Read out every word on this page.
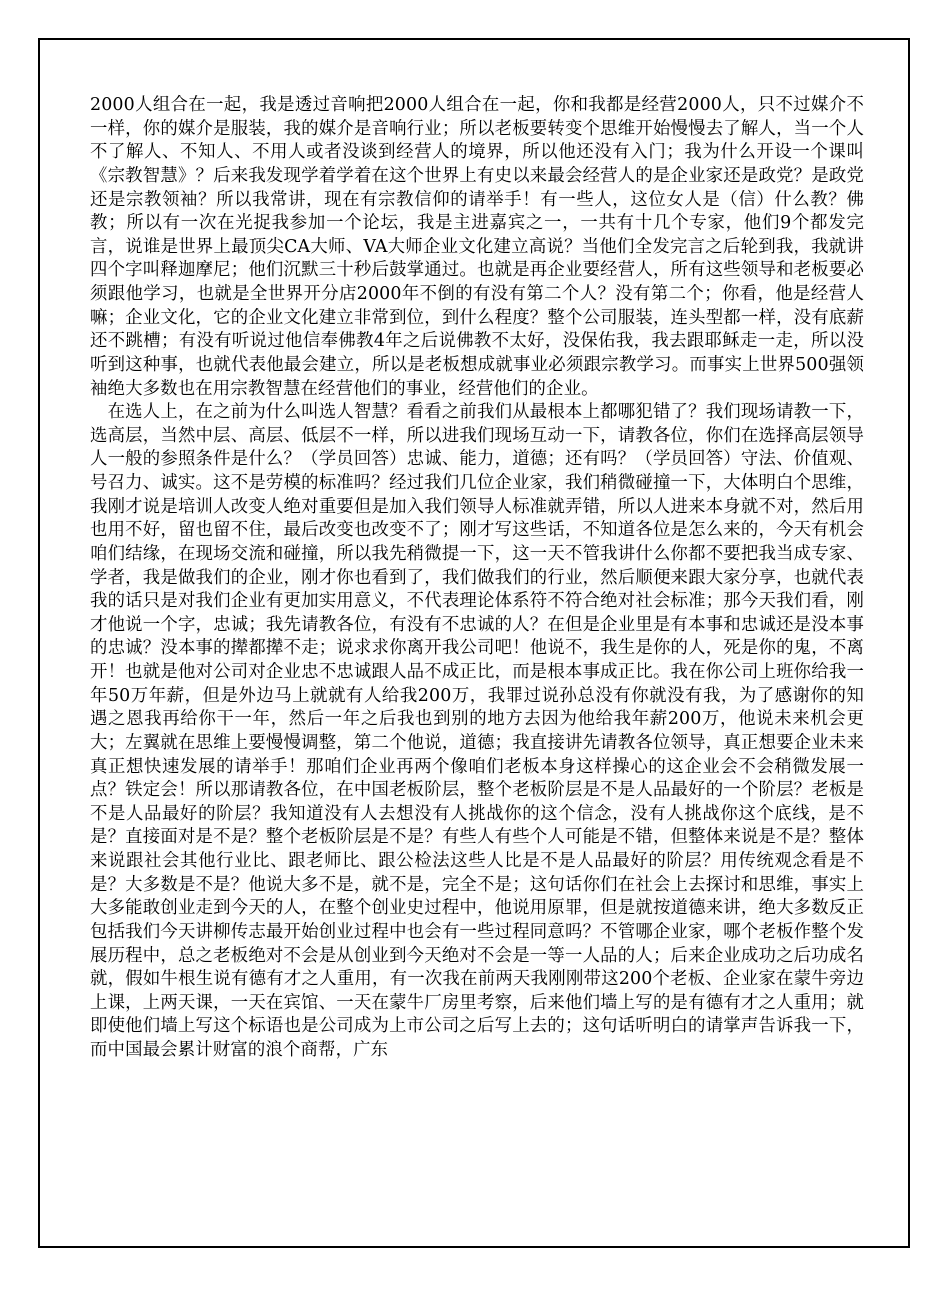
2000人组合在一起，我是透过音响把2000人组合在一起，你和我都是经营2000人，只不过媒介不一样，你的媒介是服装，我的媒介是音响行业；所以老板要转变个思维开始慢慢去了解人，当一个人不了解人、不知人、不用人或者没谈到经营人的境界，所以他还没有入门；我为什么开设一个课叫《宗教智慧》？后来我发现学着学着在这个世界上有史以来最会经营人的是企业家还是政党？是政党还是宗教领袖？所以我常讲，现在有宗教信仰的请举手！有一些人，这位女人是（信）什么教？佛教；所以有一次在光捉我参加一个论坛，我是主进嘉宾之一，一共有十几个专家，他们9个都发完言，说谁是世界上最顶尖CA大师、VA大师企业文化建立高说？当他们全发完言之后轮到我，我就讲四个字叫释迦摩尼；他们沉默三十秒后鼓掌通过。也就是再企业要经营人，所有这些领导和老板要必须跟他学习，也就是全世界开分店2000年不倒的有没有第二个人？没有第二个；你看，他是经营人嘛；企业文化，它的企业文化建立非常到位，到什么程度？整个公司服装，连头型都一样，没有底薪还不跳槽；有没有听说过他信奉佛教4年之后说佛教不太好，没保佑我，我去跟耶稣走一走，所以没听到这种事，也就代表他最会建立，所以是老板想成就事业必须跟宗教学习。而事实上世界500强领袖绝大多数也在用宗教智慧在经营他们的事业，经营他们的企业。

　在选人上，在之前为什么叫选人智慧？看看之前我们从最根本上都哪犯错了？我们现场请教一下，选高层，当然中层、高层、低层不一样，所以进我们现场互动一下，请教各位，你们在选择高层领导人一般的参照条件是什么？（学员回答）忠诚、能力，道德；还有吗？（学员回答）守法、价值观、号召力、诚实。这不是劳模的标准吗？经过我们几位企业家，我们稍微碰撞一下，大体明白个思维，我刚才说是培训人改变人绝对重要但是加入我们领导人标准就弄错，所以人进来本身就不对，然后用也用不好，留也留不住，最后改变也改变不了；刚才写这些话，不知道各位是怎么来的，今天有机会咱们结缘，在现场交流和碰撞，所以我先稍微提一下，这一天不管我讲什么你都不要把我当成专家、学者，我是做我们的企业，刚才你也看到了，我们做我们的行业，然后顺便来跟大家分享，也就代表我的话只是对我们企业有更加实用意义，不代表理论体系符不符合绝对社会标准；那今天我们看，刚才他说一个字，忠诚；我先请教各位，有没有不忠诚的人？在但是企业里是有本事和忠诚还是没本事的忠诚？没本事的撵都撵不走；说求求你离开我公司吧！他说不，我生是你的人，死是你的鬼，不离开！也就是他对公司对企业忠不忠诚跟人品不成正比，而是根本事成正比。我在你公司上班你给我一年50万年薪，但是外边马上就就有人给我200万，我罪过说孙总没有你就没有我，为了感谢你的知遇之恩我再给你干一年，然后一年之后我也到别的地方去因为他给我年薪200万，他说未来机会更大；左翼就在思维上要慢慢调整，第二个他说，道德；我直接讲先请教各位领导，真正想要企业未来真正想快速发展的请举手！那咱们企业再两个像咱们老板本身这样操心的这企业会不会稍微发展一点？铁定会！所以那请教各位，在中国老板阶层，整个老板阶层是不是人品最好的一个阶层？老板是不是人品最好的阶层？我知道没有人去想没有人挑战你的这个信念，没有人挑战你这个底线，是不是？直接面对是不是？整个老板阶层是不是？有些人有些个人可能是不错，但整体来说是不是？整体来说跟社会其他行业比、跟老师比、跟公检法这些人比是不是人品最好的阶层？用传统观念看是不是？大多数是不是？他说大多不是，就不是，完全不是；这句话你们在社会上去探讨和思维，事实上大多能敢创业走到今天的人，在整个创业史过程中，他说用原罪，但是就按道德来讲，绝大多数反正包括我们今天讲柳传志最开始创业过程中也会有一些过程同意吗？不管哪企业家，哪个老板作整个发展历程中，总之老板绝对不会是从创业到今天绝对不会是一等一人品的人；后来企业成功之后功成名就，假如牛根生说有德有才之人重用，有一次我在前两天我刚刚带这200个老板、企业家在蒙牛旁边上课，上两天课，一天在宾馆、一天在蒙牛厂房里考察，后来他们墙上写的是有德有才之人重用；就即使他们墙上写这个标语也是公司成为上市公司之后写上去的；这句话听明白的请掌声告诉我一下，而中国最会累计财富的浪个商帮，广东
